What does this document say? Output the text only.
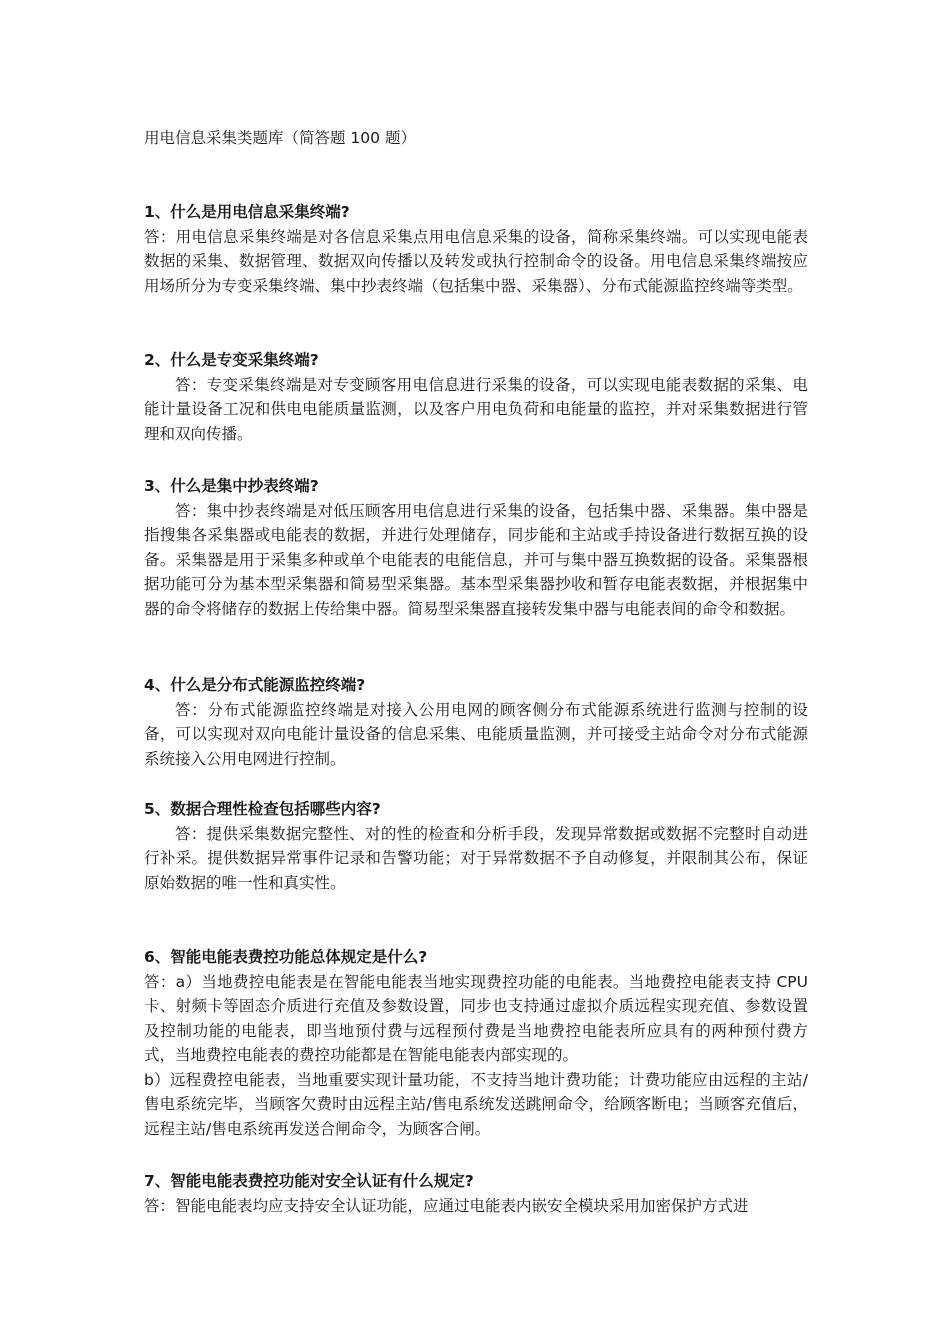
用电信息采集类题库（简答题 100 题）

1、什么是用电信息采集终端?

答：用电信息采集终端是对各信息采集点用电信息采集的设备，简称采集终端。可以实现电能表数据的采集、数据管理、数据双向传播以及转发或执行控制命令的设备。用电信息采集终端按应用场所分为专变采集终端、集中抄表终端（包括集中器、采集器）、分布式能源监控终端等类型。

2、什么是专变采集终端?

答：专变采集终端是对专变顾客用电信息进行采集的设备，可以实现电能表数据的采集、电能计量设备工况和供电电能质量监测，以及客户用电负荷和电能量的监控，并对采集数据进行管理和双向传播。

3、什么是集中抄表终端?

答：集中抄表终端是对低压顾客用电信息进行采集的设备，包括集中器、采集器。集中器是指搜集各采集器或电能表的数据，并进行处理储存，同步能和主站或手持设备进行数据互换的设备。采集器是用于采集多种或单个电能表的电能信息，并可与集中器互换数据的设备。采集器根据功能可分为基本型采集器和简易型采集器。基本型采集器抄收和暂存电能表数据，并根据集中器的命令将储存的数据上传给集中器。简易型采集器直接转发集中器与电能表间的命令和数据。

4、什么是分布式能源监控终端?

答：分布式能源监控终端是对接入公用电网的顾客侧分布式能源系统进行监测与控制的设备，可以实现对双向电能计量设备的信息采集、电能质量监测，并可接受主站命令对分布式能源系统接入公用电网进行控制。

5、数据合理性检查包括哪些内容?

答：提供采集数据完整性、对的性的检查和分析手段，发现异常数据或数据不完整时自动进行补采。提供数据异常事件记录和告警功能；对于异常数据不予自动修复，并限制其公布，保证原始数据的唯一性和真实性。

6、智能电能表费控功能总体规定是什么?

答：a）当地费控电能表是在智能电能表当地实现费控功能的电能表。当地费控电能表支持 CPU 卡、射频卡等固态介质进行充值及参数设置，同步也支持通过虚拟介质远程实现充值、参数设置及控制功能的电能表，即当地预付费与远程预付费是当地费控电能表所应具有的两种预付费方式，当地费控电能表的费控功能都是在智能电能表内部实现的。

b）远程费控电能表，当地重要实现计量功能，不支持当地计费功能；计费功能应由远程的主站/售电系统完毕，当顾客欠费时由远程主站/售电系统发送跳闸命令，给顾客断电；当顾客充值后，远程主站/售电系统再发送合闸命令，为顾客合闸。

7、智能电能表费控功能对安全认证有什么规定?

答：智能电能表均应支持安全认证功能，应通过电能表内嵌安全模块采用加密保护方式进
